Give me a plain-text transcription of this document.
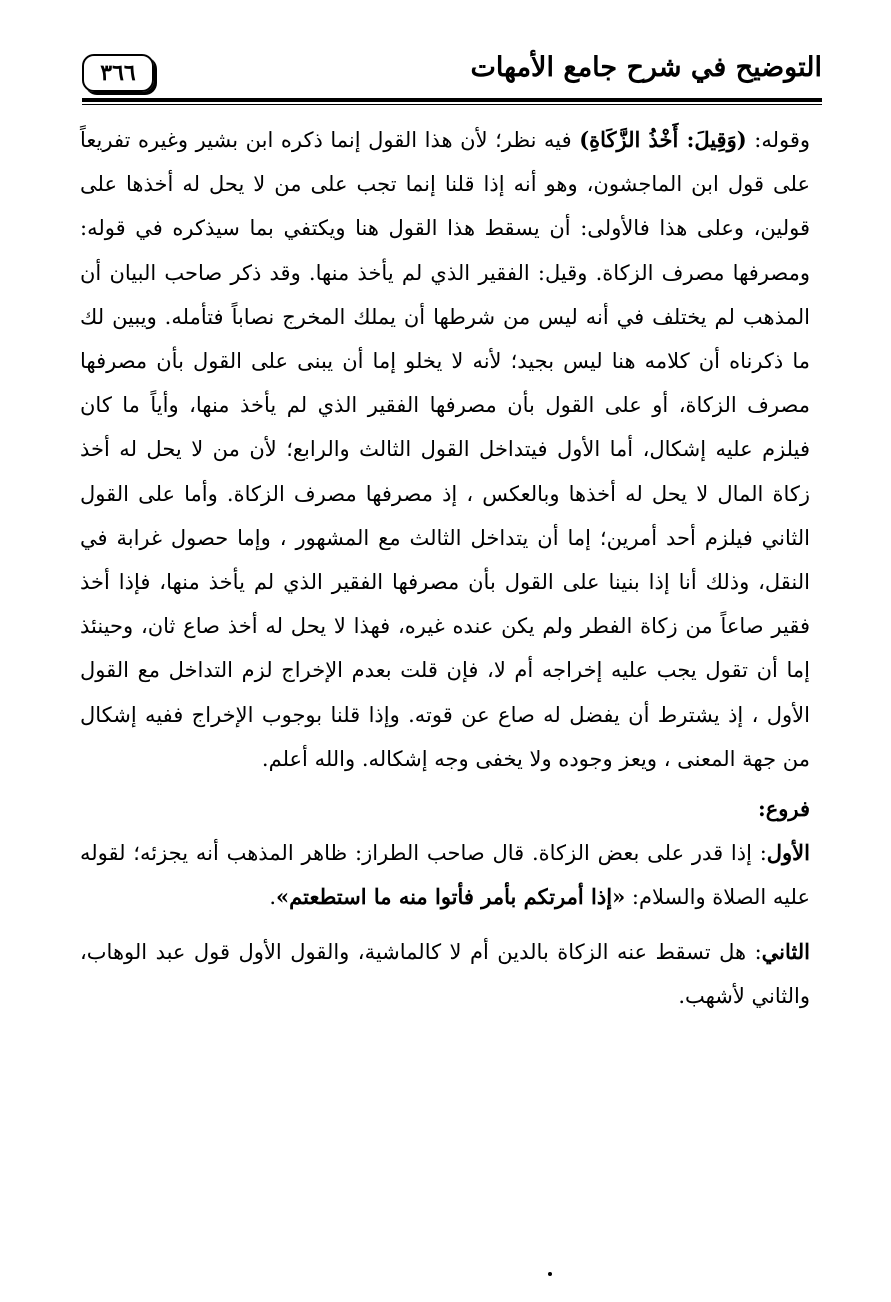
٣٦٦	التوضيح في شرح جامع الأمهات

وقوله: (وَقِيلَ: أَخْذُ الزَّكَاةِ) فيه نظر؛ لأن هذا القول إنما ذكره ابن بشير وغيره تفريعاً على قول ابن الماجشون، وهو أنه إذا قلنا إنما تجب على من لا يحل له أخذها على قولين، وعلى هذا فالأولى: أن يسقط هذا القول هنا ويكتفي بما سيذكره في قوله: ومصرفها مصرف الزكاة. وقيل: الفقير الذي لم يأخذ منها. وقد ذكر صاحب البيان أن المذهب لم يختلف في أنه ليس من شرطها أن يملك المخرج نصاباً فتأمله. ويبين لك ما ذكرناه أن كلامه هنا ليس بجيد؛ لأنه لا يخلو إما أن يبنى على القول بأن مصرفها مصرف الزكاة، أو على القول بأن مصرفها الفقير الذي لم يأخذ منها، وأياً ما كان فيلزم عليه إشكال، أما الأول فيتداخل القول الثالث والرابع؛ لأن من لا يحل له أخذ زكاة المال لا يحل له أخذها وبالعكس ، إذ مصرفها مصرف الزكاة. وأما على القول الثاني فيلزم أحد أمرين؛ إما أن يتداخل الثالث مع المشهور ، وإما حصول غرابة في النقل، وذلك أنا إذا بنينا على القول بأن مصرفها الفقير الذي لم يأخذ منها، فإذا أخذ فقير صاعاً من زكاة الفطر ولم يكن عنده غيره، فهذا لا يحل له أخذ صاع ثان، وحينئذ إما أن تقول يجب عليه إخراجه أم لا، فإن قلت بعدم الإخراج لزم التداخل مع القول الأول ، إذ يشترط أن يفضل له صاع عن قوته. وإذا قلنا بوجوب الإخراج ففيه إشكال من جهة المعنى ، ويعز وجوده ولا يخفى وجه إشكاله. والله أعلم.

فروع:

الأول: إذا قدر على بعض الزكاة. قال صاحب الطراز: ظاهر المذهب أنه يجزئه؛ لقوله عليه الصلاة والسلام: «إذا أمرتكم بأمر فأتوا منه ما استطعتم».

الثاني: هل تسقط عنه الزكاة بالدين أم لا كالماشية، والقول الأول قول عبد الوهاب، والثاني لأشهب.
